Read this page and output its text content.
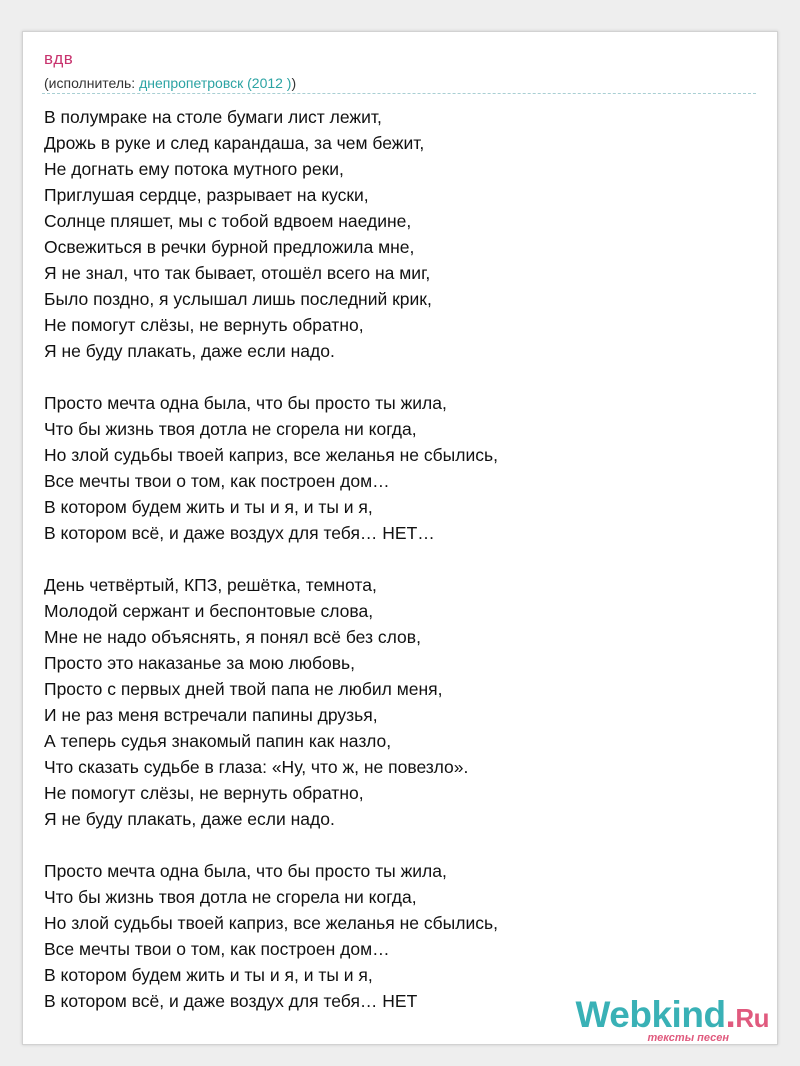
вдв
(исполнитель: днепропетровск (2012 ))
В полумраке на столе бумаги лист лежит,
Дрожь в руке и след карандаша, за чем бежит,
Не догнать ему потока мутного реки,
Приглушая сердце, разрывает на куски,
Солнце пляшет, мы с тобой вдвоем наедине,
Освежиться в речки бурной предложила мне,
Я не знал, что так бывает, отошёл всего на миг,
Было поздно, я услышал лишь последний крик,
Не помогут слёзы, не вернуть обратно,
Я не буду плакать, даже если надо.
Просто мечта одна была, что бы просто ты жила,
Что бы жизнь твоя дотла не сгорела ни когда,
Но злой судьбы твоей каприз, все желанья не сбылись,
Все мечты твои о том, как построен дом…
В котором будем жить и ты и я, и ты и я,
В котором всё, и даже воздух для тебя… НЕТ…
День четвёртый, КПЗ, решётка, темнота,
Молодой сержант и беспонтовые слова,
Мне не надо объяснять, я понял всё без слов,
Просто это наказанье за мою любовь,
Просто с первых дней твой папа не любил меня,
И не раз меня встречали папины друзья,
А теперь судья знакомый папин как назло,
Что сказать судьбе в глаза: «Ну, что ж, не повезло».
Не помогут слёзы, не вернуть обратно,
Я не буду плакать, даже если надо.
Просто мечта одна была, что бы просто ты жила,
Что бы жизнь твоя дотла не сгорела ни когда,
Но злой судьбы твоей каприз, все желанья не сбылись,
Все мечты твои о том, как построен дом…
В котором будем жить и ты и я, и ты и я,
В котором всё, и даже воздух для тебя… НЕТ	Webkind.Ru
тексты песен
